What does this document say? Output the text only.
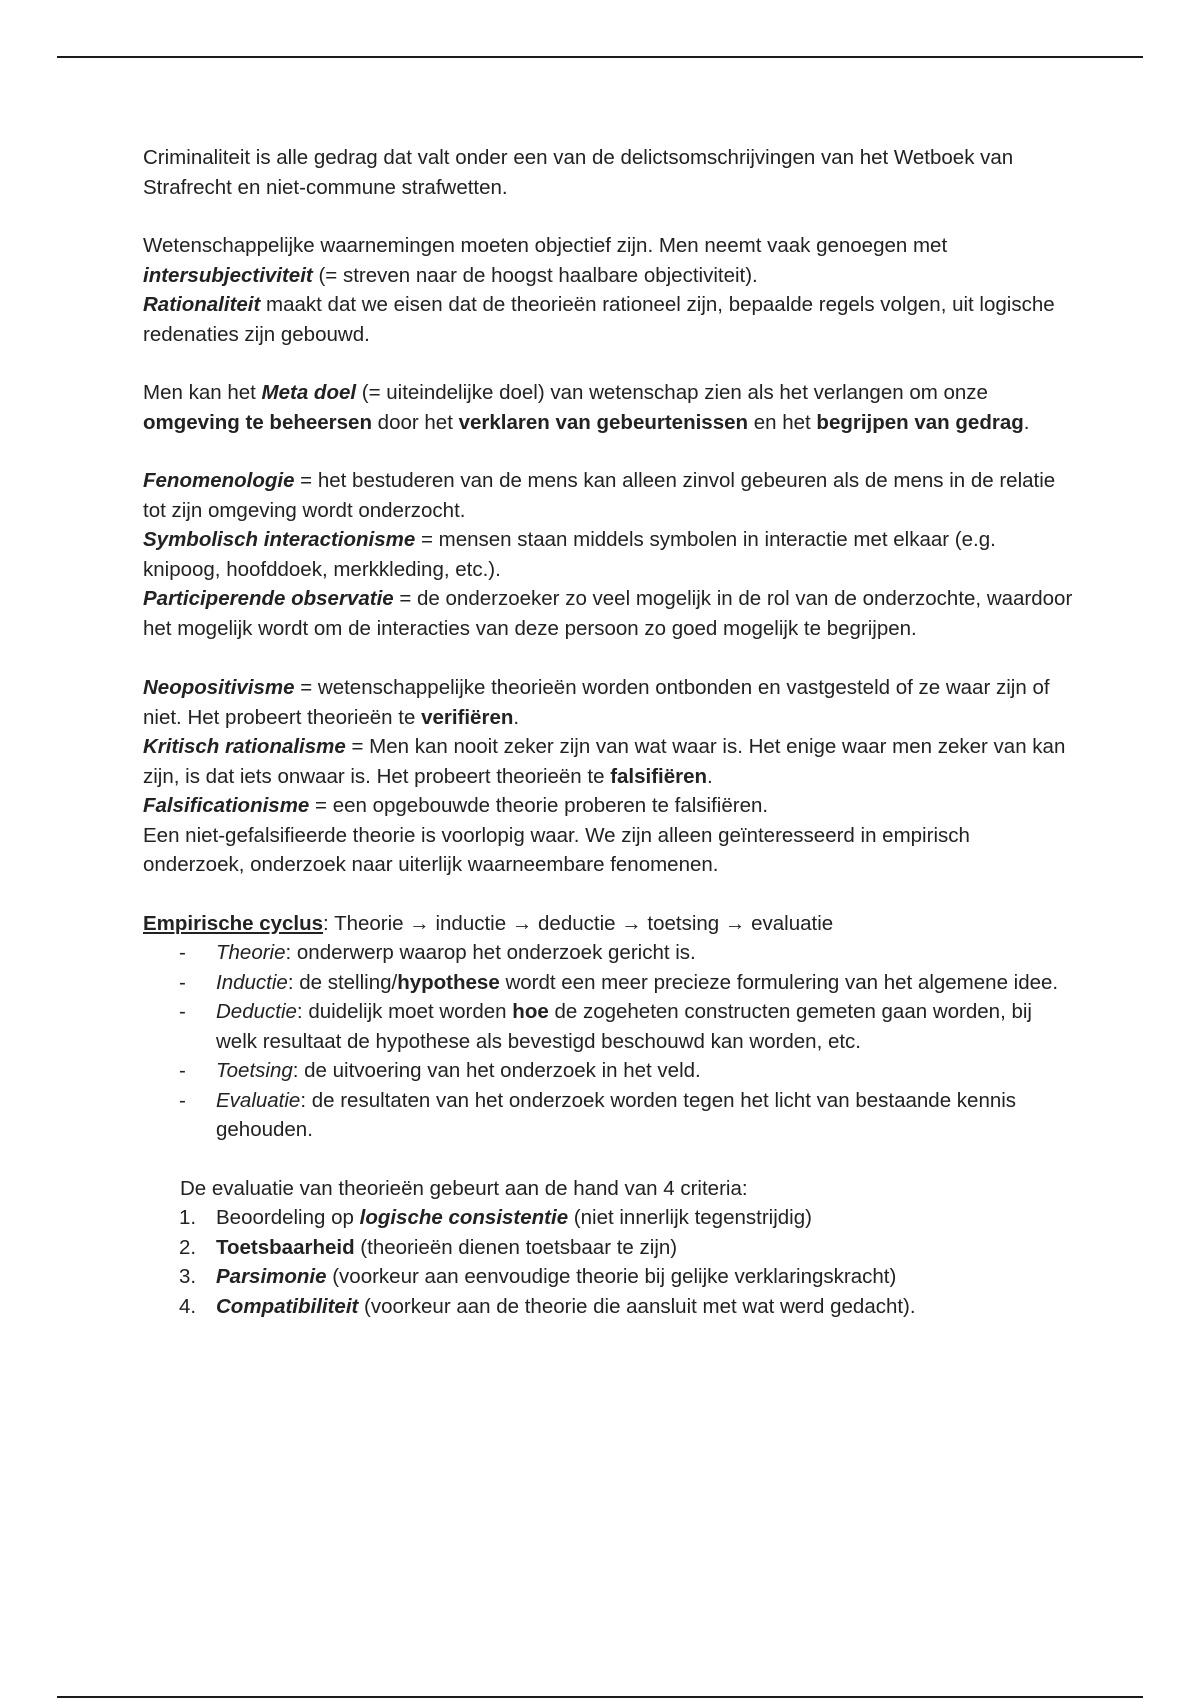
Criminaliteit is alle gedrag dat valt onder een van de delictsomschrijvingen van het Wetboek van Strafrecht en niet-commune strafwetten.

Wetenschappelijke waarnemingen moeten objectief zijn. Men neemt vaak genoegen met intersubjectiviteit (= streven naar de hoogst haalbare objectiviteit).
Rationaliteit maakt dat we eisen dat de theorieën rationeel zijn, bepaalde regels volgen, uit logische redenaties zijn gebouwd.

Men kan het Meta doel (= uiteindelijke doel) van wetenschap zien als het verlangen om onze omgeving te beheersen door het verklaren van gebeurtenissen en het begrijpen van gedrag.

Fenomenologie = het bestuderen van de mens kan alleen zinvol gebeuren als de mens in de relatie tot zijn omgeving wordt onderzocht.

Symbolisch interactionisme = mensen staan middels symbolen in interactie met elkaar (e.g. knipoog, hoofddoek, merkkleding, etc.).

Participerende observatie = de onderzoeker zo veel mogelijk in de rol van de onderzochte, waardoor het mogelijk wordt om de interacties van deze persoon zo goed mogelijk te begrijpen.

Neopositivisme = wetenschappelijke theorieën worden ontbonden en vastgesteld of ze waar zijn of niet. Het probeert theorieën te verifiëren.

Kritisch rationalisme = Men kan nooit zeker zijn van wat waar is. Het enige waar men zeker van kan zijn, is dat iets onwaar is. Het probeert theorieën te falsifiëren.

Falsificationisme = een opgebouwde theorie proberen te falsifiëren.

Een niet-gefalsifieerde theorie is voorlopig waar. We zijn alleen geïnteresseerd in empirisch onderzoek, onderzoek naar uiterlijk waarneembare fenomenen.

Empirische cyclus: Theorie → inductie → deductie → toetsing → evaluatie

- Theorie: onderwerp waarop het onderzoek gericht is.
- Inductie: de stelling/hypothese wordt een meer precieze formulering van het algemene idee.
- Deductie: duidelijk moet worden hoe de zogeheten constructen gemeten gaan worden, bij welk resultaat de hypothese als bevestigd beschouwd kan worden, etc.
- Toetsing: de uitvoering van het onderzoek in het veld.
- Evaluatie: de resultaten van het onderzoek worden tegen het licht van bestaande kennis gehouden.

De evaluatie van theorieën gebeurt aan de hand van 4 criteria:

1. Beoordeling op logische consistentie (niet innerlijk tegenstrijdig)
2. Toetsbaarheid (theorieën dienen toetsbaar te zijn)
3. Parsimonie (voorkeur aan eenvoudige theorie bij gelijke verklaringskracht)
4. Compatibiliteit (voorkeur aan de theorie die aansluit met wat werd gedacht).
